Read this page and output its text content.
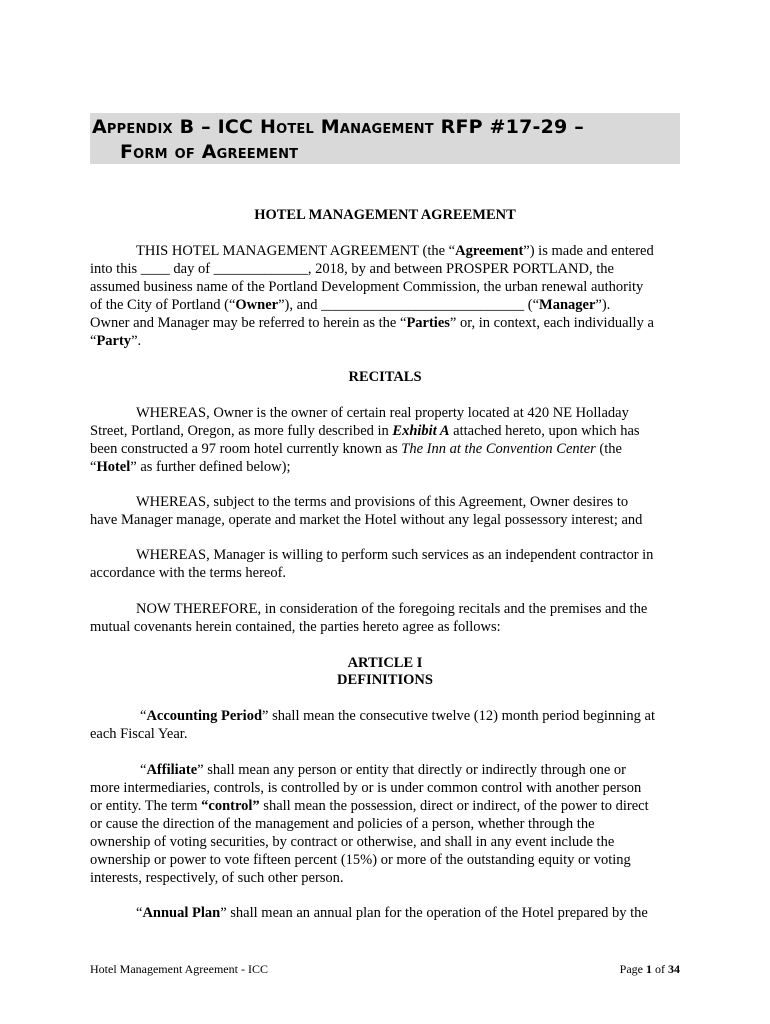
Appendix B – ICC Hotel Management RFP #17-29 –
Form of Agreement
HOTEL MANAGEMENT AGREEMENT
THIS HOTEL MANAGEMENT AGREEMENT (the “Agreement”) is made and entered
into this ____ day of _____________, 2018, by and between PROSPER PORTLAND, the
assumed business name of the Portland Development Commission, the urban renewal authority
of the City of Portland (“Owner”), and ____________________________ (“Manager”).
Owner and Manager may be referred to herein as the “Parties” or, in context, each individually a
“Party”.
RECITALS
WHEREAS, Owner is the owner of certain real property located at 420 NE Holladay
Street, Portland, Oregon, as more fully described in Exhibit A attached hereto, upon which has
been constructed a 97 room hotel currently known as The Inn at the Convention Center (the
“Hotel” as further defined below);
WHEREAS, subject to the terms and provisions of this Agreement, Owner desires to
have Manager manage, operate and market the Hotel without any legal possessory interest; and
WHEREAS, Manager is willing to perform such services as an independent contractor in
accordance with the terms hereof.
NOW THEREFORE, in consideration of the foregoing recitals and the premises and the
mutual covenants herein contained, the parties hereto agree as follows:
ARTICLE I
DEFINITIONS
“Accounting Period” shall mean the consecutive twelve (12) month period beginning at
each Fiscal Year.
“Affiliate” shall mean any person or entity that directly or indirectly through one or
more intermediaries, controls, is controlled by or is under common control with another person
or entity. The term “control” shall mean the possession, direct or indirect, of the power to direct
or cause the direction of the management and policies of a person, whether through the
ownership of voting securities, by contract or otherwise, and shall in any event include the
ownership or power to vote fifteen percent (15%) or more of the outstanding equity or voting
interests, respectively, of such other person.
“Annual Plan” shall mean an annual plan for the operation of the Hotel prepared by the
Hotel Management Agreement - ICC	Page 1 of 34
